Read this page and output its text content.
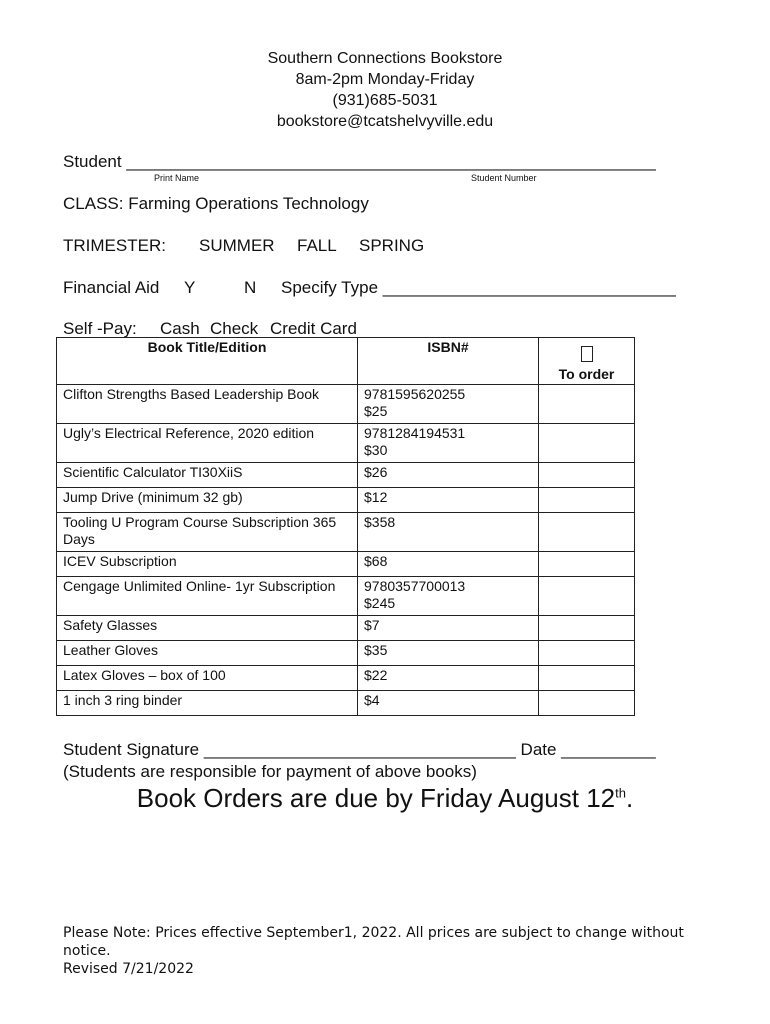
Southern Connections Bookstore
8am-2pm Monday-Friday
(931)685-5031
bookstore@tcatshelvyville.edu
Student ________________________________________________________
Print Name	Student Number
CLASS: Farming Operations Technology
TRIMESTER: SUMMER FALL SPRING
Financial Aid Y	N Specify Type _______________________________
Self -Pay: Cash Check Credit Card
Book Title/Edition	ISBN#	To order

Clifton Strengths Based Leadership Book	9781595620255
$25	

Ugly’s Electrical Reference, 2020 edition	9781284194531
$30	

Scientific Calculator TI30XiiS	$26	
Jump Drive (minimum 32 gb)	$12	
Tooling U Program Course Subscription 365 Days	$358	
ICEV Subscription	$68	
Cengage Unlimited Online- 1yr Subscription	9780357700013
$245	

Safety Glasses	$7	
Leather Gloves	$35	
Latex Gloves – box of 100	$22	
1 inch 3 ring binder	$4	
Student Signature _________________________________ Date __________
(Students are responsible for payment of above books)
Book Orders are due by Friday August 12th.
Please Note: Prices effective September1, 2022. All prices are subject to change without notice.
Revised 7/21/2022
